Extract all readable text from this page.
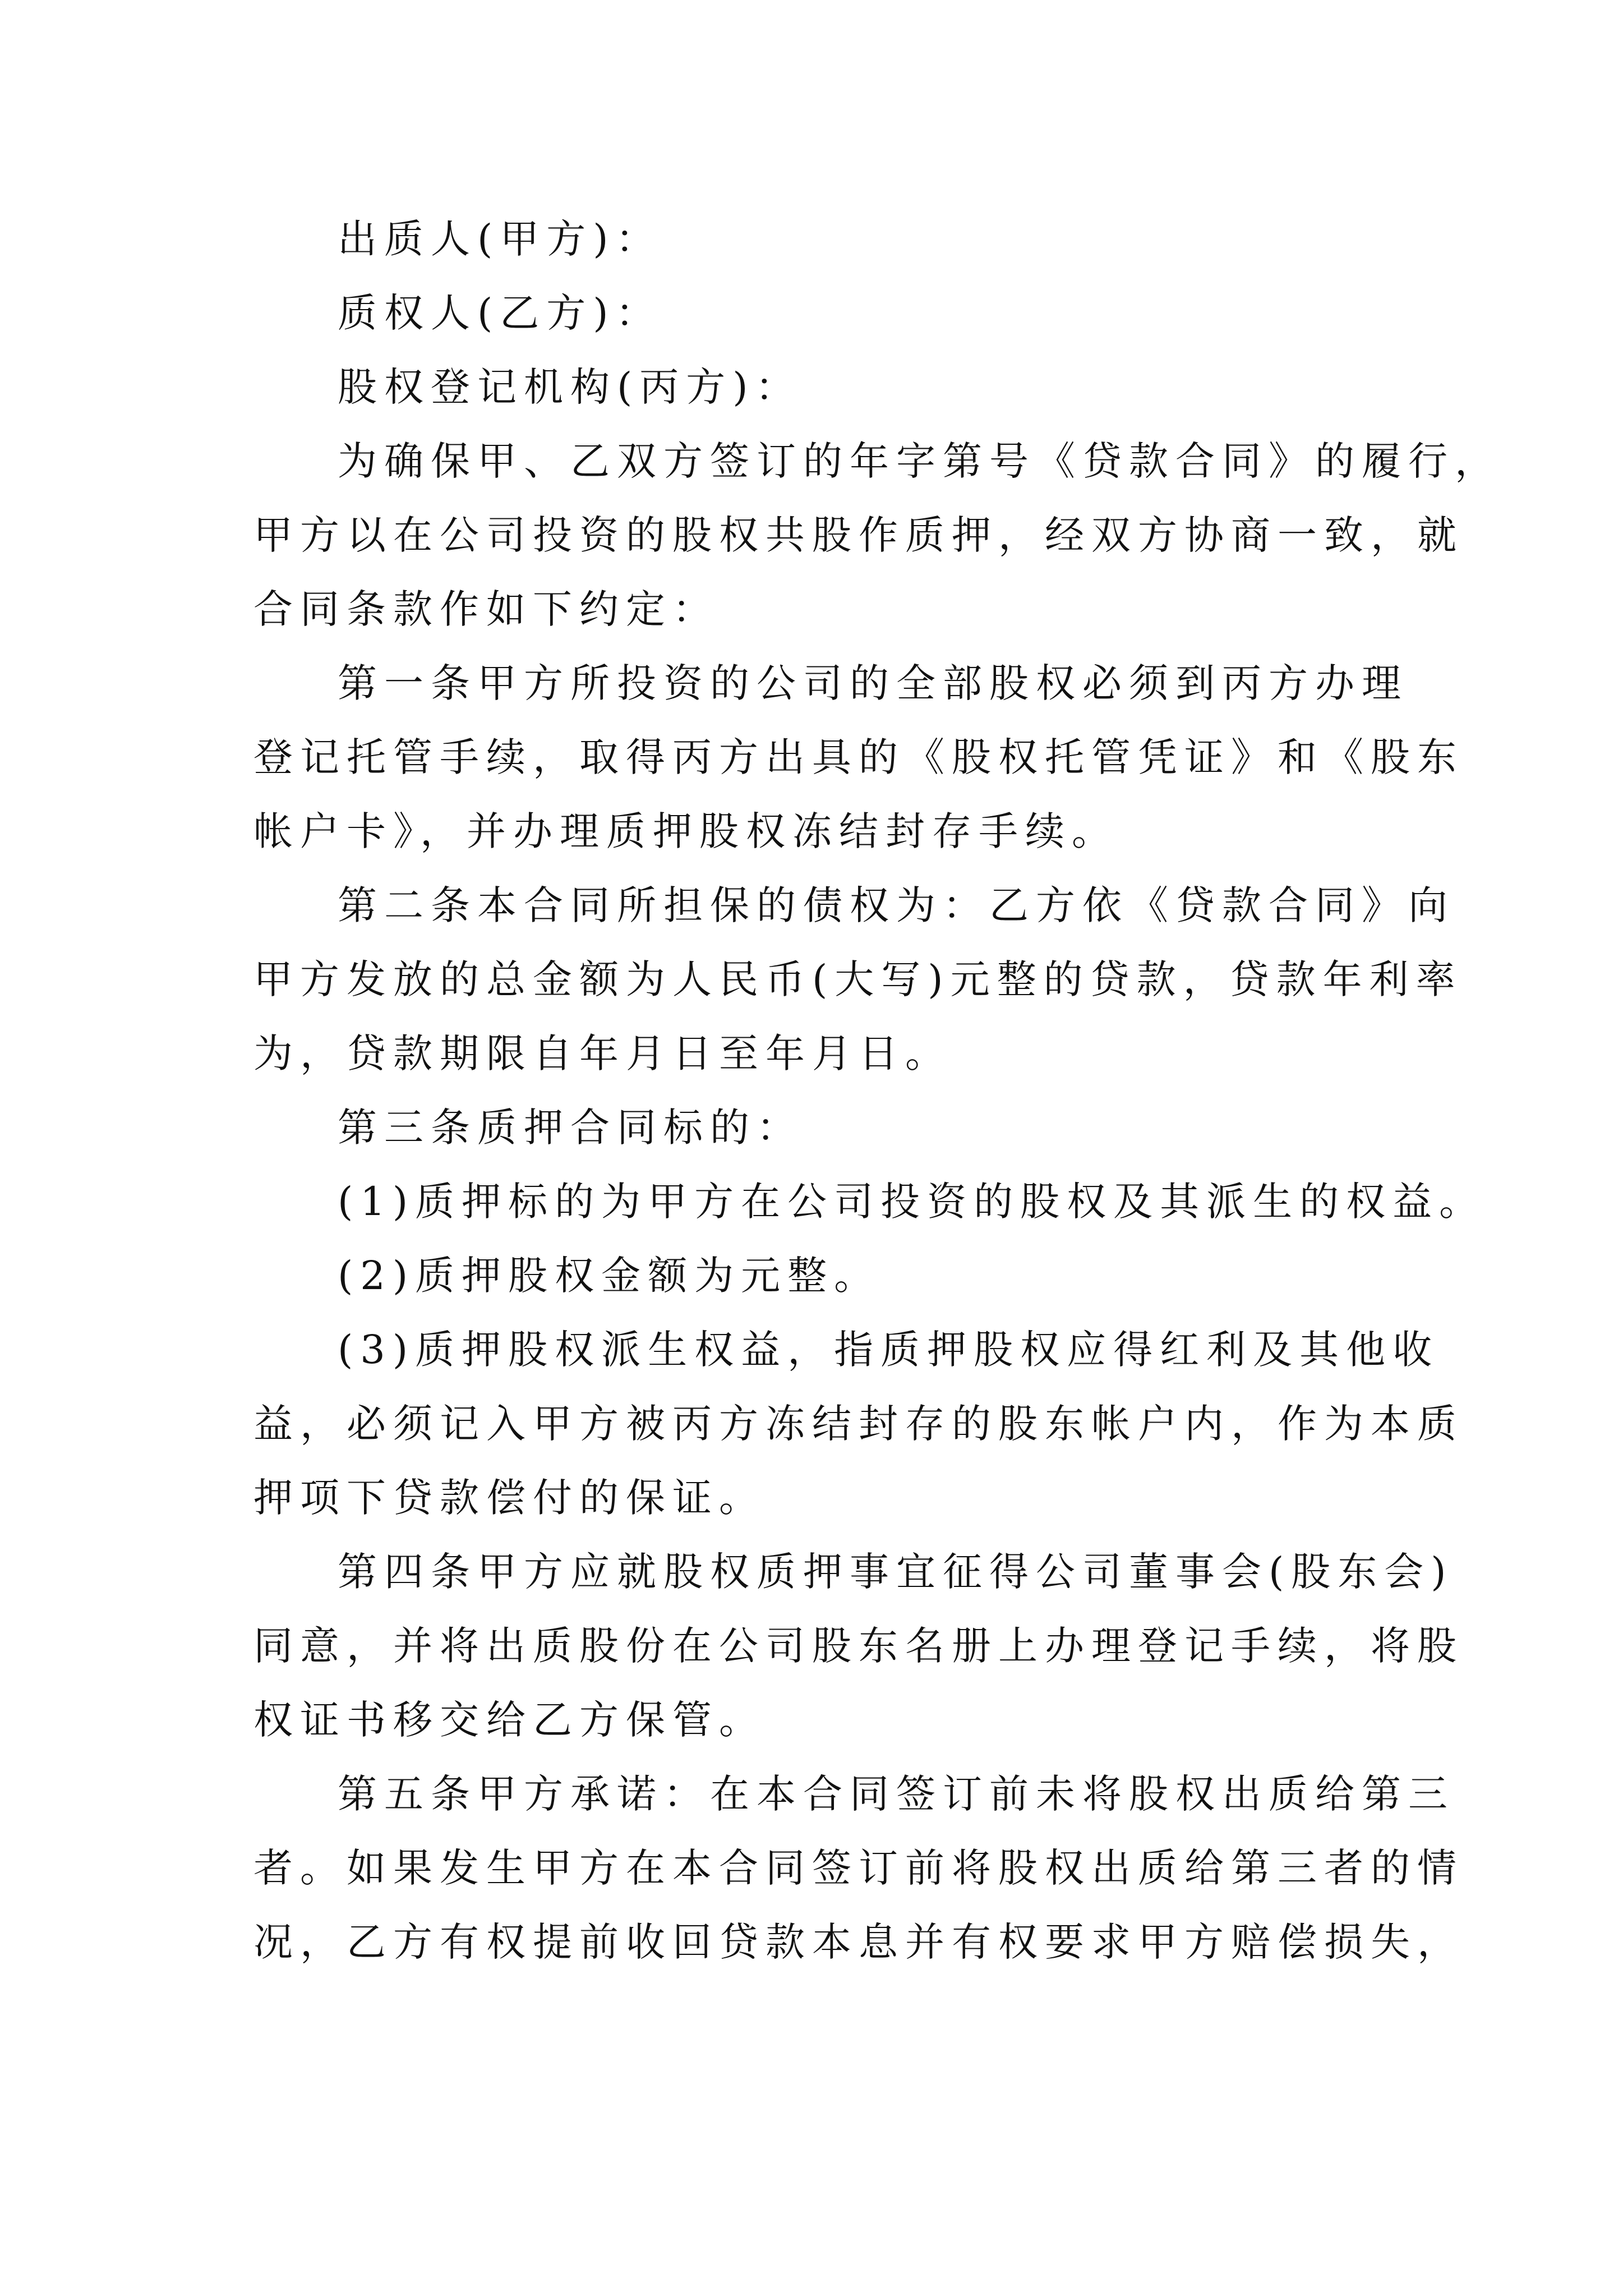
出质人(甲方)：
质权人(乙方)：
股权登记机构(丙方)：
为确保甲、乙双方签订的年字第号《贷款合同》的履行，
甲方以在公司投资的股权共股作质押，经双方协商一致，就
合同条款作如下约定：
第一条甲方所投资的公司的全部股权必须到丙方办理
登记托管手续，取得丙方出具的《股权托管凭证》和《股东
帐户卡》，并办理质押股权冻结封存手续。
第二条本合同所担保的债权为：乙方依《贷款合同》向
甲方发放的总金额为人民币(大写)元整的贷款，贷款年利率
为，贷款期限自年月日至年月日。
第三条质押合同标的：
(1)质押标的为甲方在公司投资的股权及其派生的权益。
(2)质押股权金额为元整。
(3)质押股权派生权益，指质押股权应得红利及其他收
益，必须记入甲方被丙方冻结封存的股东帐户内，作为本质
押项下贷款偿付的保证。
第四条甲方应就股权质押事宜征得公司董事会(股东会)
同意，并将出质股份在公司股东名册上办理登记手续，将股
权证书移交给乙方保管。
第五条甲方承诺：在本合同签订前未将股权出质给第三
者。如果发生甲方在本合同签订前将股权出质给第三者的情
况，乙方有权提前收回贷款本息并有权要求甲方赔偿损失，
